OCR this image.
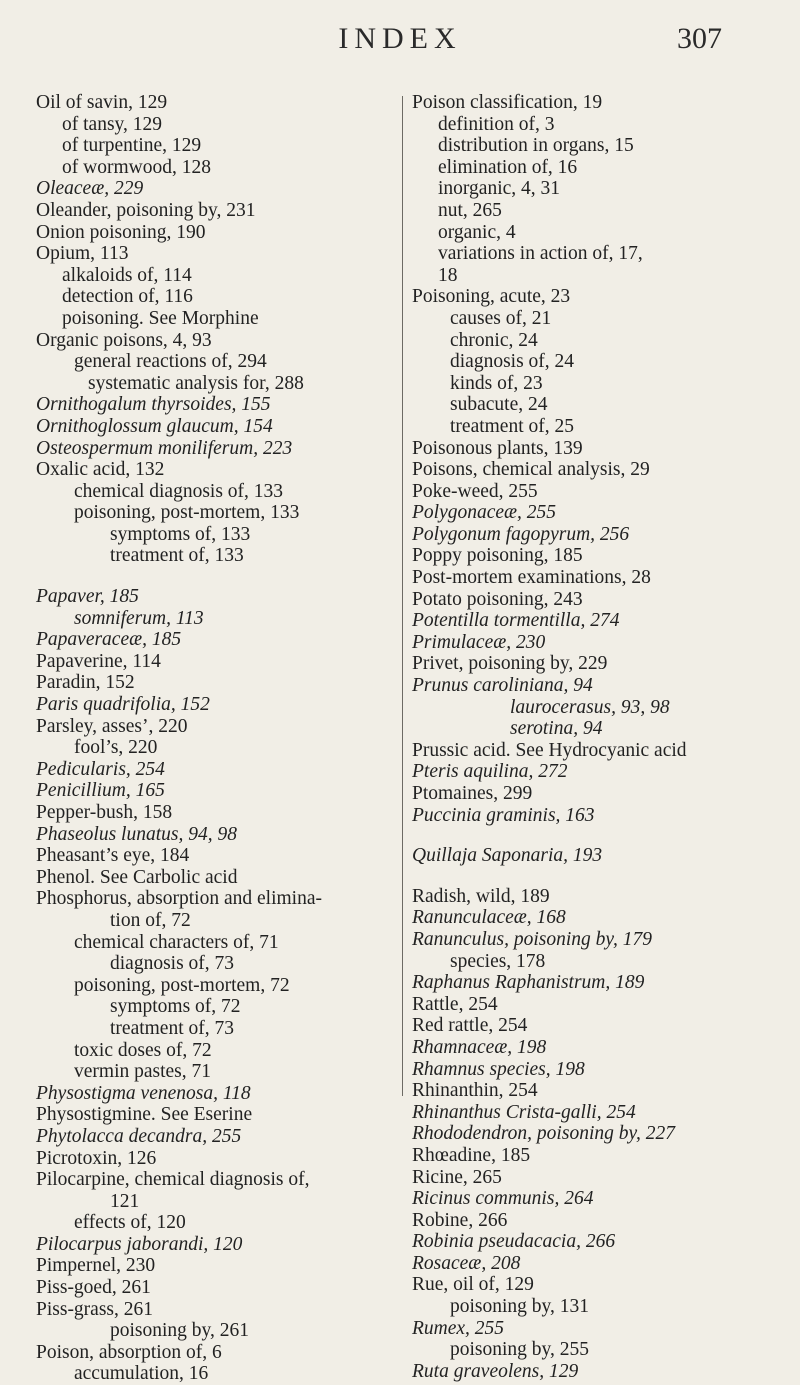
INDEX	307
Oil of savin, 129
of tansy, 129
of turpentine, 129
of wormwood, 128
Oleaceæ, 229
Oleander, poisoning by, 231
Onion poisoning, 190
Opium, 113
alkaloids of, 114
detection of, 116
poisoning. See Morphine
Organic poisons, 4, 93
general reactions of, 294
systematic analysis for, 288
Ornithogalum thyrsoides, 155
Ornithoglossum glaucum, 154
Osteospermum moniliferum, 223
Oxalic acid, 132
chemical diagnosis of, 133
poisoning, post-mortem, 133
symptoms of, 133
treatment of, 133
Papaver, 185
somniferum, 113
Papaveraceæ, 185
Papaverine, 114
Paradin, 152
Paris quadrifolia, 152
Parsley, asses’, 220
fool’s, 220
Pedicularis, 254
Penicillium, 165
Pepper-bush, 158
Phaseolus lunatus, 94, 98
Pheasant’s eye, 184
Phenol. See Carbolic acid
Phosphorus, absorption and elimina-
tion of, 72
chemical characters of, 71
diagnosis of, 73
poisoning, post-mortem, 72
symptoms of, 72
treatment of, 73
toxic doses of, 72
vermin pastes, 71
Physostigma venenosa, 118
Physostigmine. See Eserine
Phytolacca decandra, 255
Picrotoxin, 126
Pilocarpine, chemical diagnosis of,
121
effects of, 120
Pilocarpus jaborandi, 120
Pimpernel, 230
Piss-goed, 261
Piss-grass, 261
poisoning by, 261
Poison, absorption of, 6
accumulation, 16
Poison classification, 19
definition of, 3
distribution in organs, 15
elimination of, 16
inorganic, 4, 31
nut, 265
organic, 4
variations in action of, 17,
18
Poisoning, acute, 23
causes of, 21
chronic, 24
diagnosis of, 24
kinds of, 23
subacute, 24
treatment of, 25
Poisonous plants, 139
Poisons, chemical analysis, 29
Poke-weed, 255
Polygonaceæ, 255
Polygonum fagopyrum, 256
Poppy poisoning, 185
Post-mortem examinations, 28
Potato poisoning, 243
Potentilla tormentilla, 274
Primulaceæ, 230
Privet, poisoning by, 229
Prunus caroliniana, 94
laurocerasus, 93, 98
serotina, 94
Prussic acid. See Hydrocyanic acid
Pteris aquilina, 272
Ptomaines, 299
Puccinia graminis, 163
Quillaja Saponaria, 193
Radish, wild, 189
Ranunculaceæ, 168
Ranunculus, poisoning by, 179
species, 178
Raphanus Raphanistrum, 189
Rattle, 254
Red rattle, 254
Rhamnaceæ, 198
Rhamnus species, 198
Rhinanthin, 254
Rhinanthus Crista-galli, 254
Rhododendron, poisoning by, 227
Rhœadine, 185
Ricine, 265
Ricinus communis, 264
Robine, 266
Robinia pseudacacia, 266
Rosaceæ, 208
Rue, oil of, 129
poisoning by, 131
Rumex, 255
poisoning by, 255
Ruta graveolens, 129
